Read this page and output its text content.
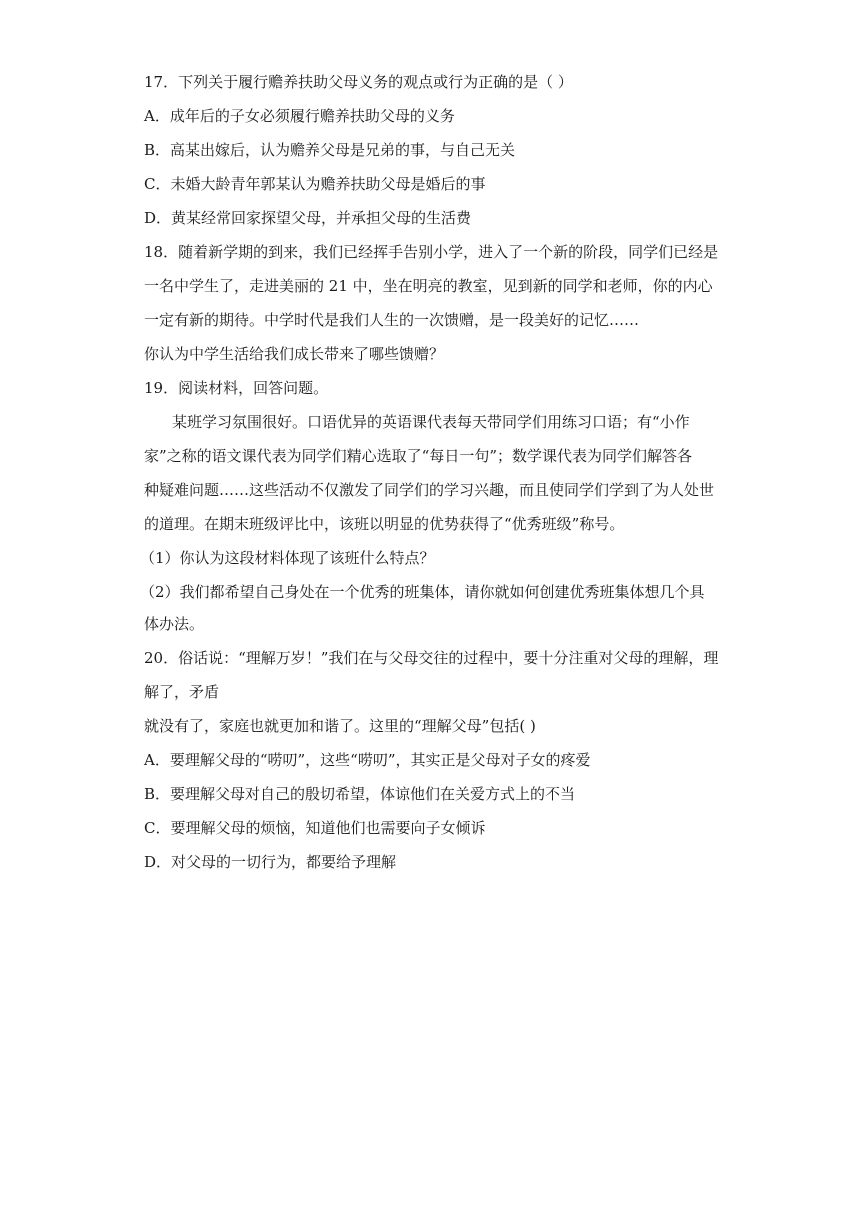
17．下列关于履行赡养扶助父母义务的观点或行为正确的是（ ）

A．成年后的子女必须履行赡养扶助父母的义务

B．高某出嫁后，认为赡养父母是兄弟的事，与自己无关

C．未婚大龄青年郭某认为赡养扶助父母是婚后的事

D．黄某经常回家探望父母，并承担父母的生活费

18．随着新学期的到来，我们已经挥手告别小学，进入了一个新的阶段，同学们已经是

一名中学生了，走进美丽的 21 中，坐在明亮的教室，见到新的同学和老师，你的内心

一定有新的期待。中学时代是我们人生的一次馈赠，是一段美好的记忆……

你认为中学生活给我们成长带来了哪些馈赠？

19．阅读材料，回答问题。

某班学习氛围很好。口语优异的英语课代表每天带同学们用练习口语；有“小作

家”之称的语文课代表为同学们精心选取了“每日一句”；数学课代表为同学们解答各

种疑难问题……这些活动不仅激发了同学们的学习兴趣，而且使同学们学到了为人处世

的道理。在期末班级评比中，该班以明显的优势获得了“优秀班级”称号。

（1）你认为这段材料体现了该班什么特点？

（2）我们都希望自己身处在一个优秀的班集体，请你就如何创建优秀班集体想几个具

体办法。

20．俗话说：“理解万岁！”我们在与父母交往的过程中，要十分注重对父母的理解，理

解了，矛盾

就没有了，家庭也就更加和谐了。这里的“理解父母”包括( )

A．要理解父母的“唠叨”，这些“唠叨”，其实正是父母对子女的疼爱

B．要理解父母对自己的殷切希望，体谅他们在关爱方式上的不当

C．要理解父母的烦恼，知道他们也需要向子女倾诉

D．对父母的一切行为，都要给予理解
